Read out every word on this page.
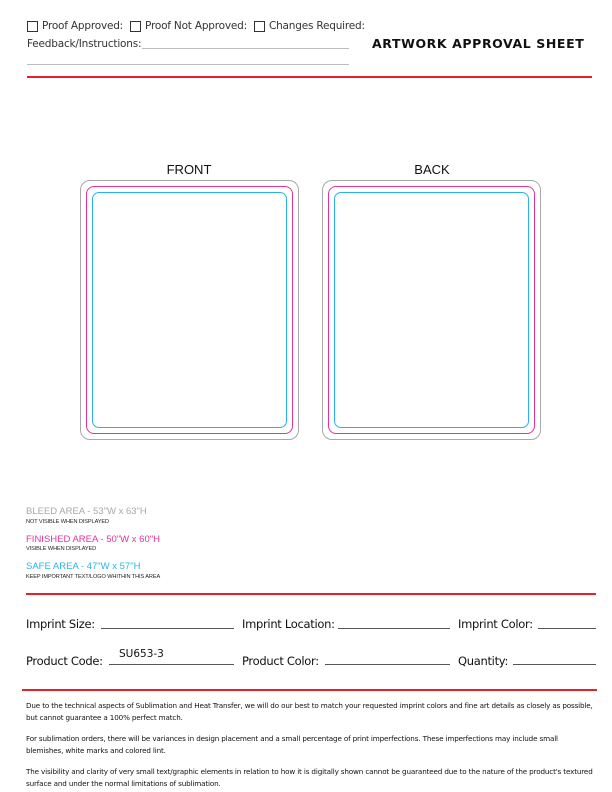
Proof Approved: Proof Not Approved: Changes Required:
Feedback/Instructions:	ARTWORK APPROVAL SHEET
FRONT	BACK
BLEED AREA - 53"W x 63"H
NOT VISIBLE WHEN DISPLAYED
FINISHED AREA - 50"W x 60"H
VISIBLE WHEN DISPLAYED
SAFE AREA - 47"W x 57"H
KEEP IMPORTANT TEXT/LOGO WHITHIN THIS AREA
Imprint Size:	Imprint Location:	Imprint Color:
Product Code: SU653-3	Product Color:	Quantity:
Due to the technical aspects of Sublimation and Heat Transfer, we will do our best to match your requested imprint colors and fine art details as closely as possible, but cannot guarantee a 100% perfect match.
For sublimation orders, there will be variances in design placement and a small percentage of print imperfections. These imperfections may include small blemishes, white marks and colored lint.
The visibility and clarity of very small text/graphic elements in relation to how it is digitally shown cannot be guaranteed due to the nature of the product's textured surface and under the normal limitations of sublimation.
